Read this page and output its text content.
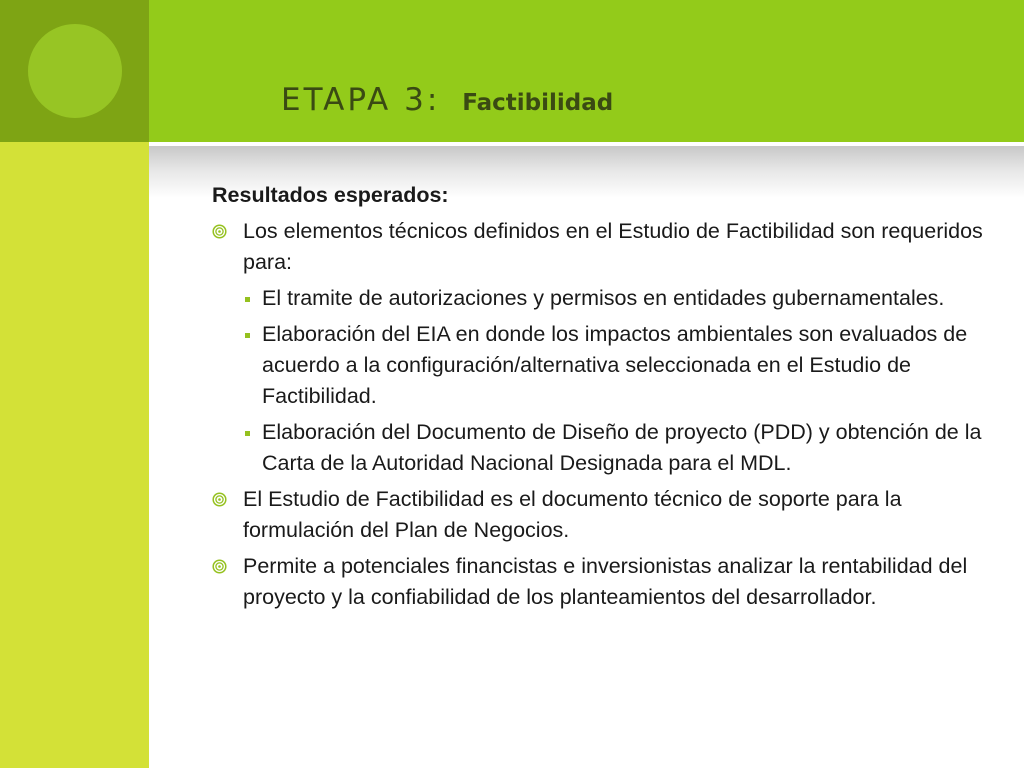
ETAPA 3: Factibilidad
Resultados esperados:
Los elementos técnicos definidos en el Estudio de Factibilidad son requeridos para:
El tramite de autorizaciones y permisos en entidades gubernamentales.
Elaboración del EIA en donde los impactos ambientales son evaluados de acuerdo a la configuración/alternativa seleccionada en el Estudio de Factibilidad.
Elaboración del Documento de Diseño de proyecto (PDD) y obtención de la Carta de la Autoridad Nacional Designada para el MDL.
El Estudio de Factibilidad es el documento técnico de soporte para la formulación del Plan de Negocios.
Permite a potenciales financistas e inversionistas analizar la rentabilidad del proyecto y la confiabilidad de los planteamientos del desarrollador.
